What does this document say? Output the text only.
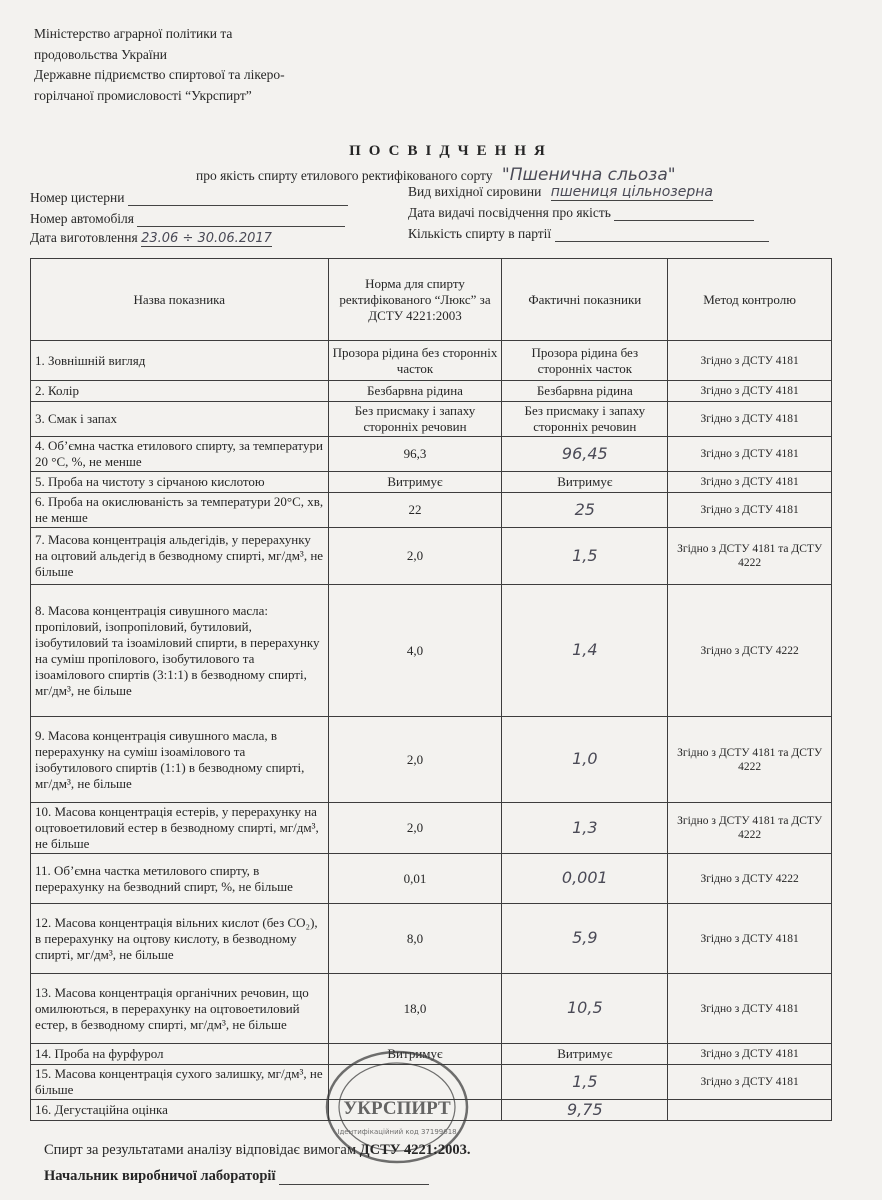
Міністерство аграрної політики та
продовольства України
Державне підриємство спиртової та лікеро-
горілчаної промисловості “Укрспирт”
ПОСВІДЧЕННЯ
про якість спирту етилового ректифікованого сорту "Пшенична сльоза"
Номер цистерни
Номер автомобіля
Дата виготовлення 23.06 ÷ 30.06.2017
Вид вихідної сировини пшениця цільнозерна
Дата видачі посвідчення про якість
Кількість спирту в партії
Назва показника	Норма для спирту ректифікованого “Люкс” за ДСТУ 4221:2003	Фактичні показники	Метод контролю
1. Зовнішній вигляд	Прозора рідина без сторонніх часток	Прозора рідина без сторонніх часток	Згідно з ДСТУ 4181
2. Колір	Безбарвна рідина	Безбарвна рідина	Згідно з ДСТУ 4181
3. Смак і запах	Без присмаку і запаху сторонніх речовин	Без присмаку і запаху сторонніх речовин	Згідно з ДСТУ 4181
4. Об’ємна частка етилового спирту, за температури 20 °С, %, не менше	96,3	96,45	Згідно з ДСТУ 4181
5. Проба на чистоту з сірчаною кислотою	Витримує	Витримує	Згідно з ДСТУ 4181
6. Проба на окислюваність за температури 20°С, хв, не менше	22	25	Згідно з ДСТУ 4181
7. Масова концентрація альдегідів, у перерахунку на оцтовий альдегід в безводному спирті, мг/дм³, не більше	2,0	1,5	Згідно з ДСТУ 4181 та ДСТУ 4222
8. Масова концентрація сивушного масла: пропіловий, ізопропіловий, бутиловий, ізобутиловий та ізоаміловий спирти, в перерахунку на суміш пропілового, ізобутилового та ізоамілового спиртів (3:1:1) в безводному спирті, мг/дм³, не більше	4,0	1,4	Згідно з ДСТУ 4222
9. Масова концентрація сивушного масла, в перерахунку на суміш ізоамілового та ізобутилового спиртів (1:1) в безводному спирті, мг/дм³, не більше	2,0	1,0	Згідно з ДСТУ 4181 та ДСТУ 4222
10. Масова концентрація естерів, у перерахунку на оцтовоетиловий естер в безводному спирті, мг/дм³, не більше	2,0	1,3	Згідно з ДСТУ 4181 та ДСТУ 4222
11. Об’ємна частка метилового спирту, в перерахунку на безводний спирт, %, не більше	0,01	0,001	Згідно з ДСТУ 4222
12. Масова концентрація вільних кислот (без CO₂), в перерахунку на оцтову кислоту, в безводному спирті, мг/дм³, не більше	8,0	5,9	Згідно з ДСТУ 4181
13. Масова концентрація органічних речовин, що омилюються, в перерахунку на оцтовоетиловий естер, в безводному спирті, мг/дм³, не більше	18,0	10,5	Згідно з ДСТУ 4181
14. Проба на фурфурол	Витримує	Витримує	Згідно з ДСТУ 4181
15. Масова концентрація сухого залишку, мг/дм³, не більше		1,5	Згідно з ДСТУ 4181
16. Дегустаційна оцінка		9,75	
УКРСПИРТ
Ідентифікаційний код 37199618
Спирт за результатами аналізу відповідає вимогам ДСТУ 4221:2003.
Начальник виробничої лабораторії
